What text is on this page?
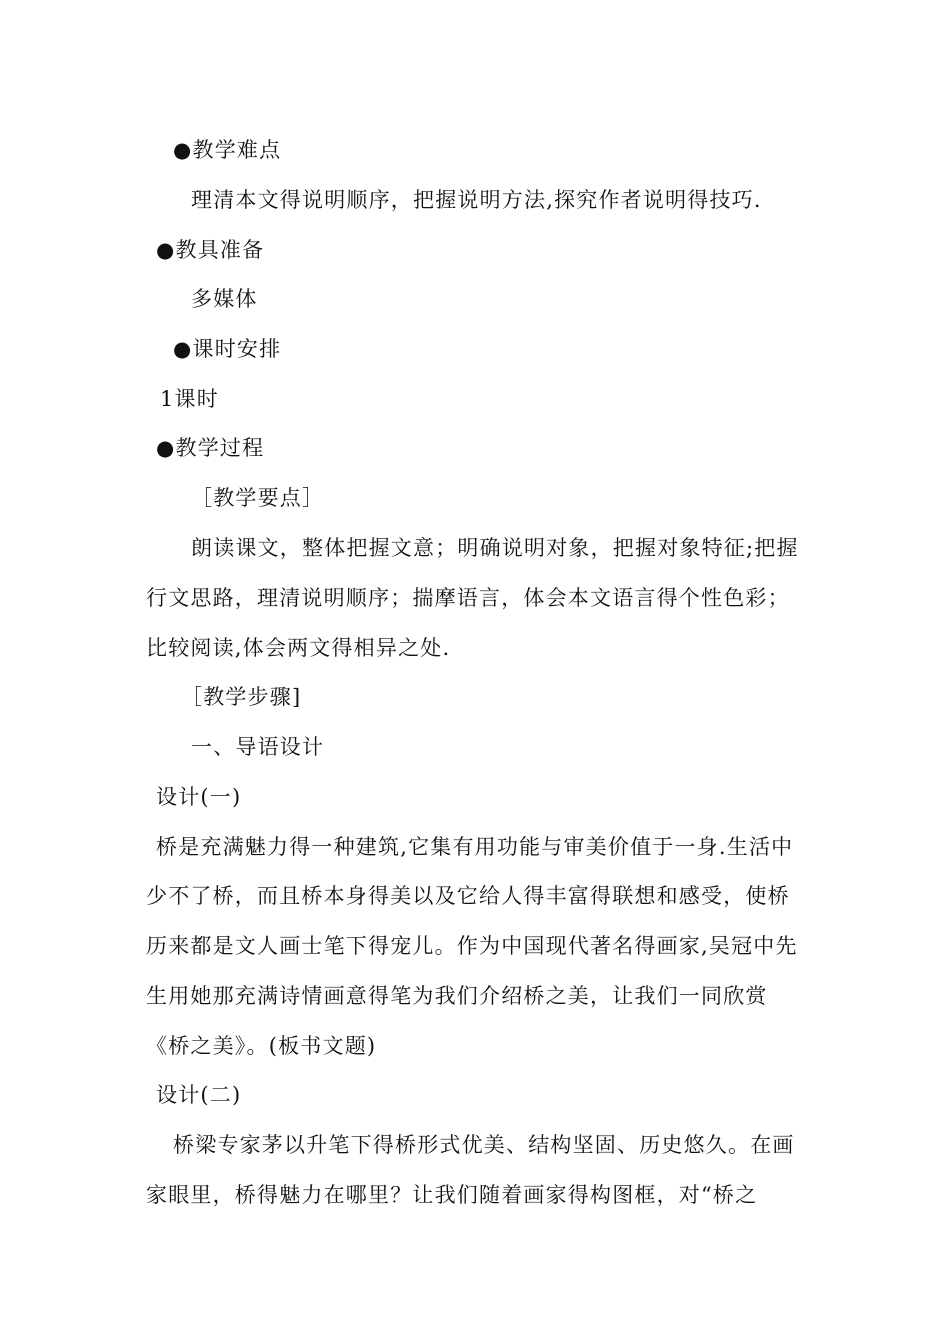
●教学难点
理清本文得说明顺序，把握说明方法,探究作者说明得技巧.
●教具准备
多媒体
●课时安排
1课时
●教学过程
［教学要点］
朗读课文，整体把握文意；明确说明对象，把握对象特征;把握
行文思路，理清说明顺序；揣摩语言，体会本文语言得个性色彩；
比较阅读,体会两文得相异之处.
［教学步骤]
一、导语设计
设计(一)
桥是充满魅力得一种建筑,它集有用功能与审美价值于一身.生活中
少不了桥，而且桥本身得美以及它给人得丰富得联想和感受，使桥
历来都是文人画士笔下得宠儿。作为中国现代著名得画家,吴冠中先
生用她那充满诗情画意得笔为我们介绍桥之美，让我们一同欣赏
《桥之美》。(板书文题)
设计(二)
桥梁专家茅以升笔下得桥形式优美、结构坚固、历史悠久。在画
家眼里，桥得魅力在哪里？让我们随着画家得构图框，对“桥之
